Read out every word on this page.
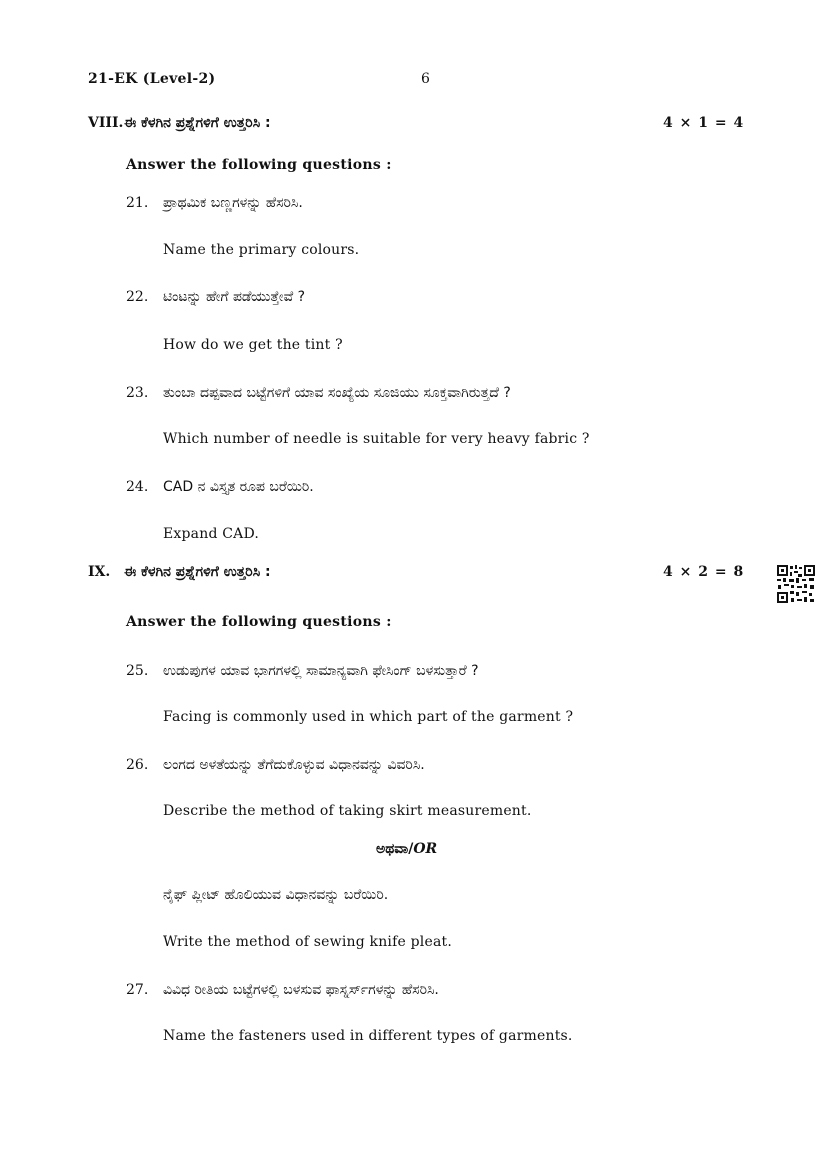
21-EK (Level-2)	6
VIII. ಈ ಕೆಳಗಿನ ಪ್ರಶ್ನೆಗಳಿಗೆ ಉತ್ತರಿಸಿ :	4 × 1 = 4
Answer the following questions :
21. ಪ್ರಾಥಮಿಕ ಬಣ್ಣಗಳನ್ನು ಹೆಸರಿಸಿ.
Name the primary colours.
22. ಟಿಂಟನ್ನು ಹೇಗೆ ಪಡೆಯುತ್ತೇವೆ ?
How do we get the tint ?
23. ತುಂಬಾ ದಪ್ಪವಾದ ಬಟ್ಟೆಗಳಿಗೆ ಯಾವ ಸಂಖ್ಯೆಯ ಸೂಜಿಯು ಸೂಕ್ತವಾಗಿರುತ್ತದೆ ?
Which number of needle is suitable for very heavy fabric ?
24. CAD ನ ವಿಸ್ತೃತ ರೂಪ ಬರೆಯಿರಿ.
Expand CAD.
IX. ಈ ಕೆಳಗಿನ ಪ್ರಶ್ನೆಗಳಿಗೆ ಉತ್ತರಿಸಿ :	4 × 2 = 8
Answer the following questions :
25. ಉಡುಪುಗಳ ಯಾವ ಭಾಗಗಳಲ್ಲಿ ಸಾಮಾನ್ಯವಾಗಿ ಫೇಸಿಂಗ್ ಬಳಸುತ್ತಾರೆ ?
Facing is commonly used in which part of the garment ?
26. ಲಂಗದ ಅಳತೆಯನ್ನು ತೆಗೆದುಕೊಳ್ಳುವ ವಿಧಾನವನ್ನು ವಿವರಿಸಿ.
Describe the method of taking skirt measurement.
ಅಥವಾ/OR
ನೈಫ್ ಪ್ಲೀಟ್ ಹೊಲಿಯುವ ವಿಧಾನವನ್ನು ಬರೆಯಿರಿ.
Write the method of sewing knife pleat.
27. ವಿವಿಧ ರೀತಿಯ ಬಟ್ಟೆಗಳಲ್ಲಿ ಬಳಸುವ ಫಾಸ್ನರ್ಸ್‌ಗಳನ್ನು ಹೆಸರಿಸಿ.
Name the fasteners used in different types of garments.
